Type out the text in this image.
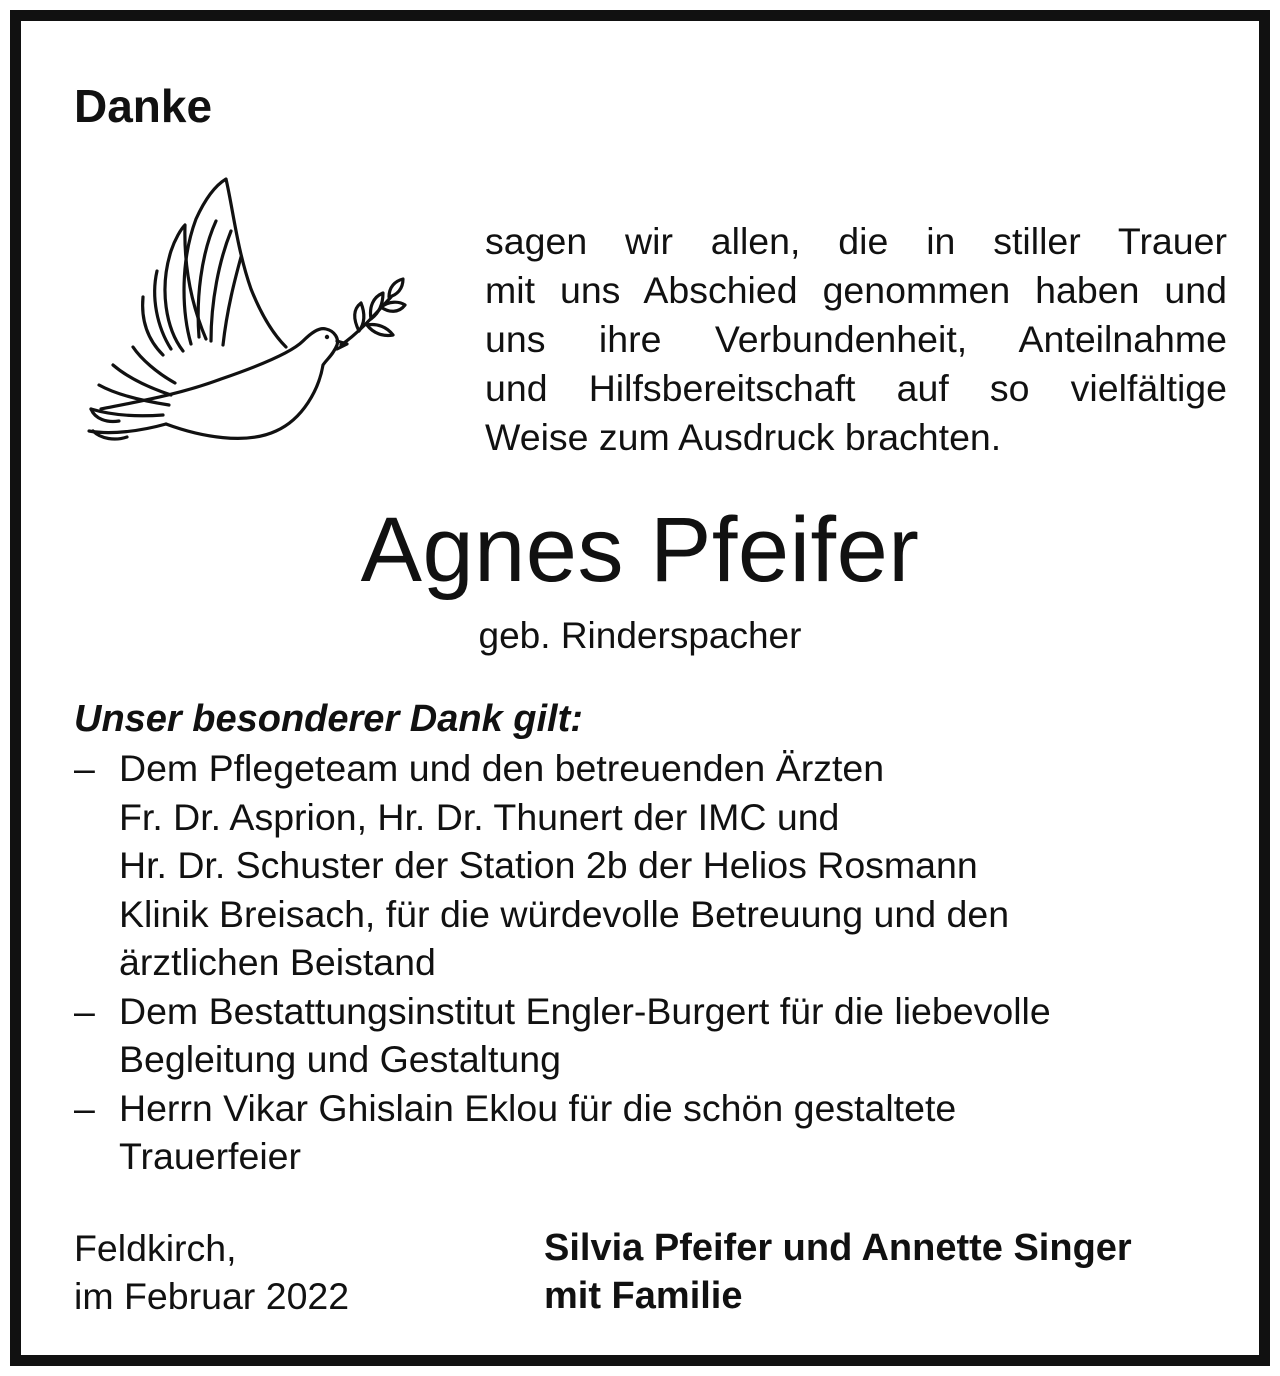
Danke
sagen wir allen, die in stiller Trauer
mit uns Abschied genommen haben und
uns ihre Verbundenheit, Anteilnahme
und Hilfsbereitschaft auf so vielfältige
Weise zum Ausdruck brachten.
Agnes Pfeifer
geb. Rinderspacher
Unser besonderer Dank gilt:
– Dem Pflegeteam und den betreuenden Ärzten
Fr. Dr. Asprion, Hr. Dr. Thunert der IMC und
Hr. Dr. Schuster der Station 2b der Helios Rosmann
Klinik Breisach, für die würdevolle Betreuung und den
ärztlichen Beistand
– Dem Bestattungsinstitut Engler-Burgert für die liebevolle
Begleitung und Gestaltung
– Herrn Vikar Ghislain Eklou für die schön gestaltete
Trauerfeier
Feldkirch,
im Februar 2022
Silvia Pfeifer und Annette Singer
mit Familie
